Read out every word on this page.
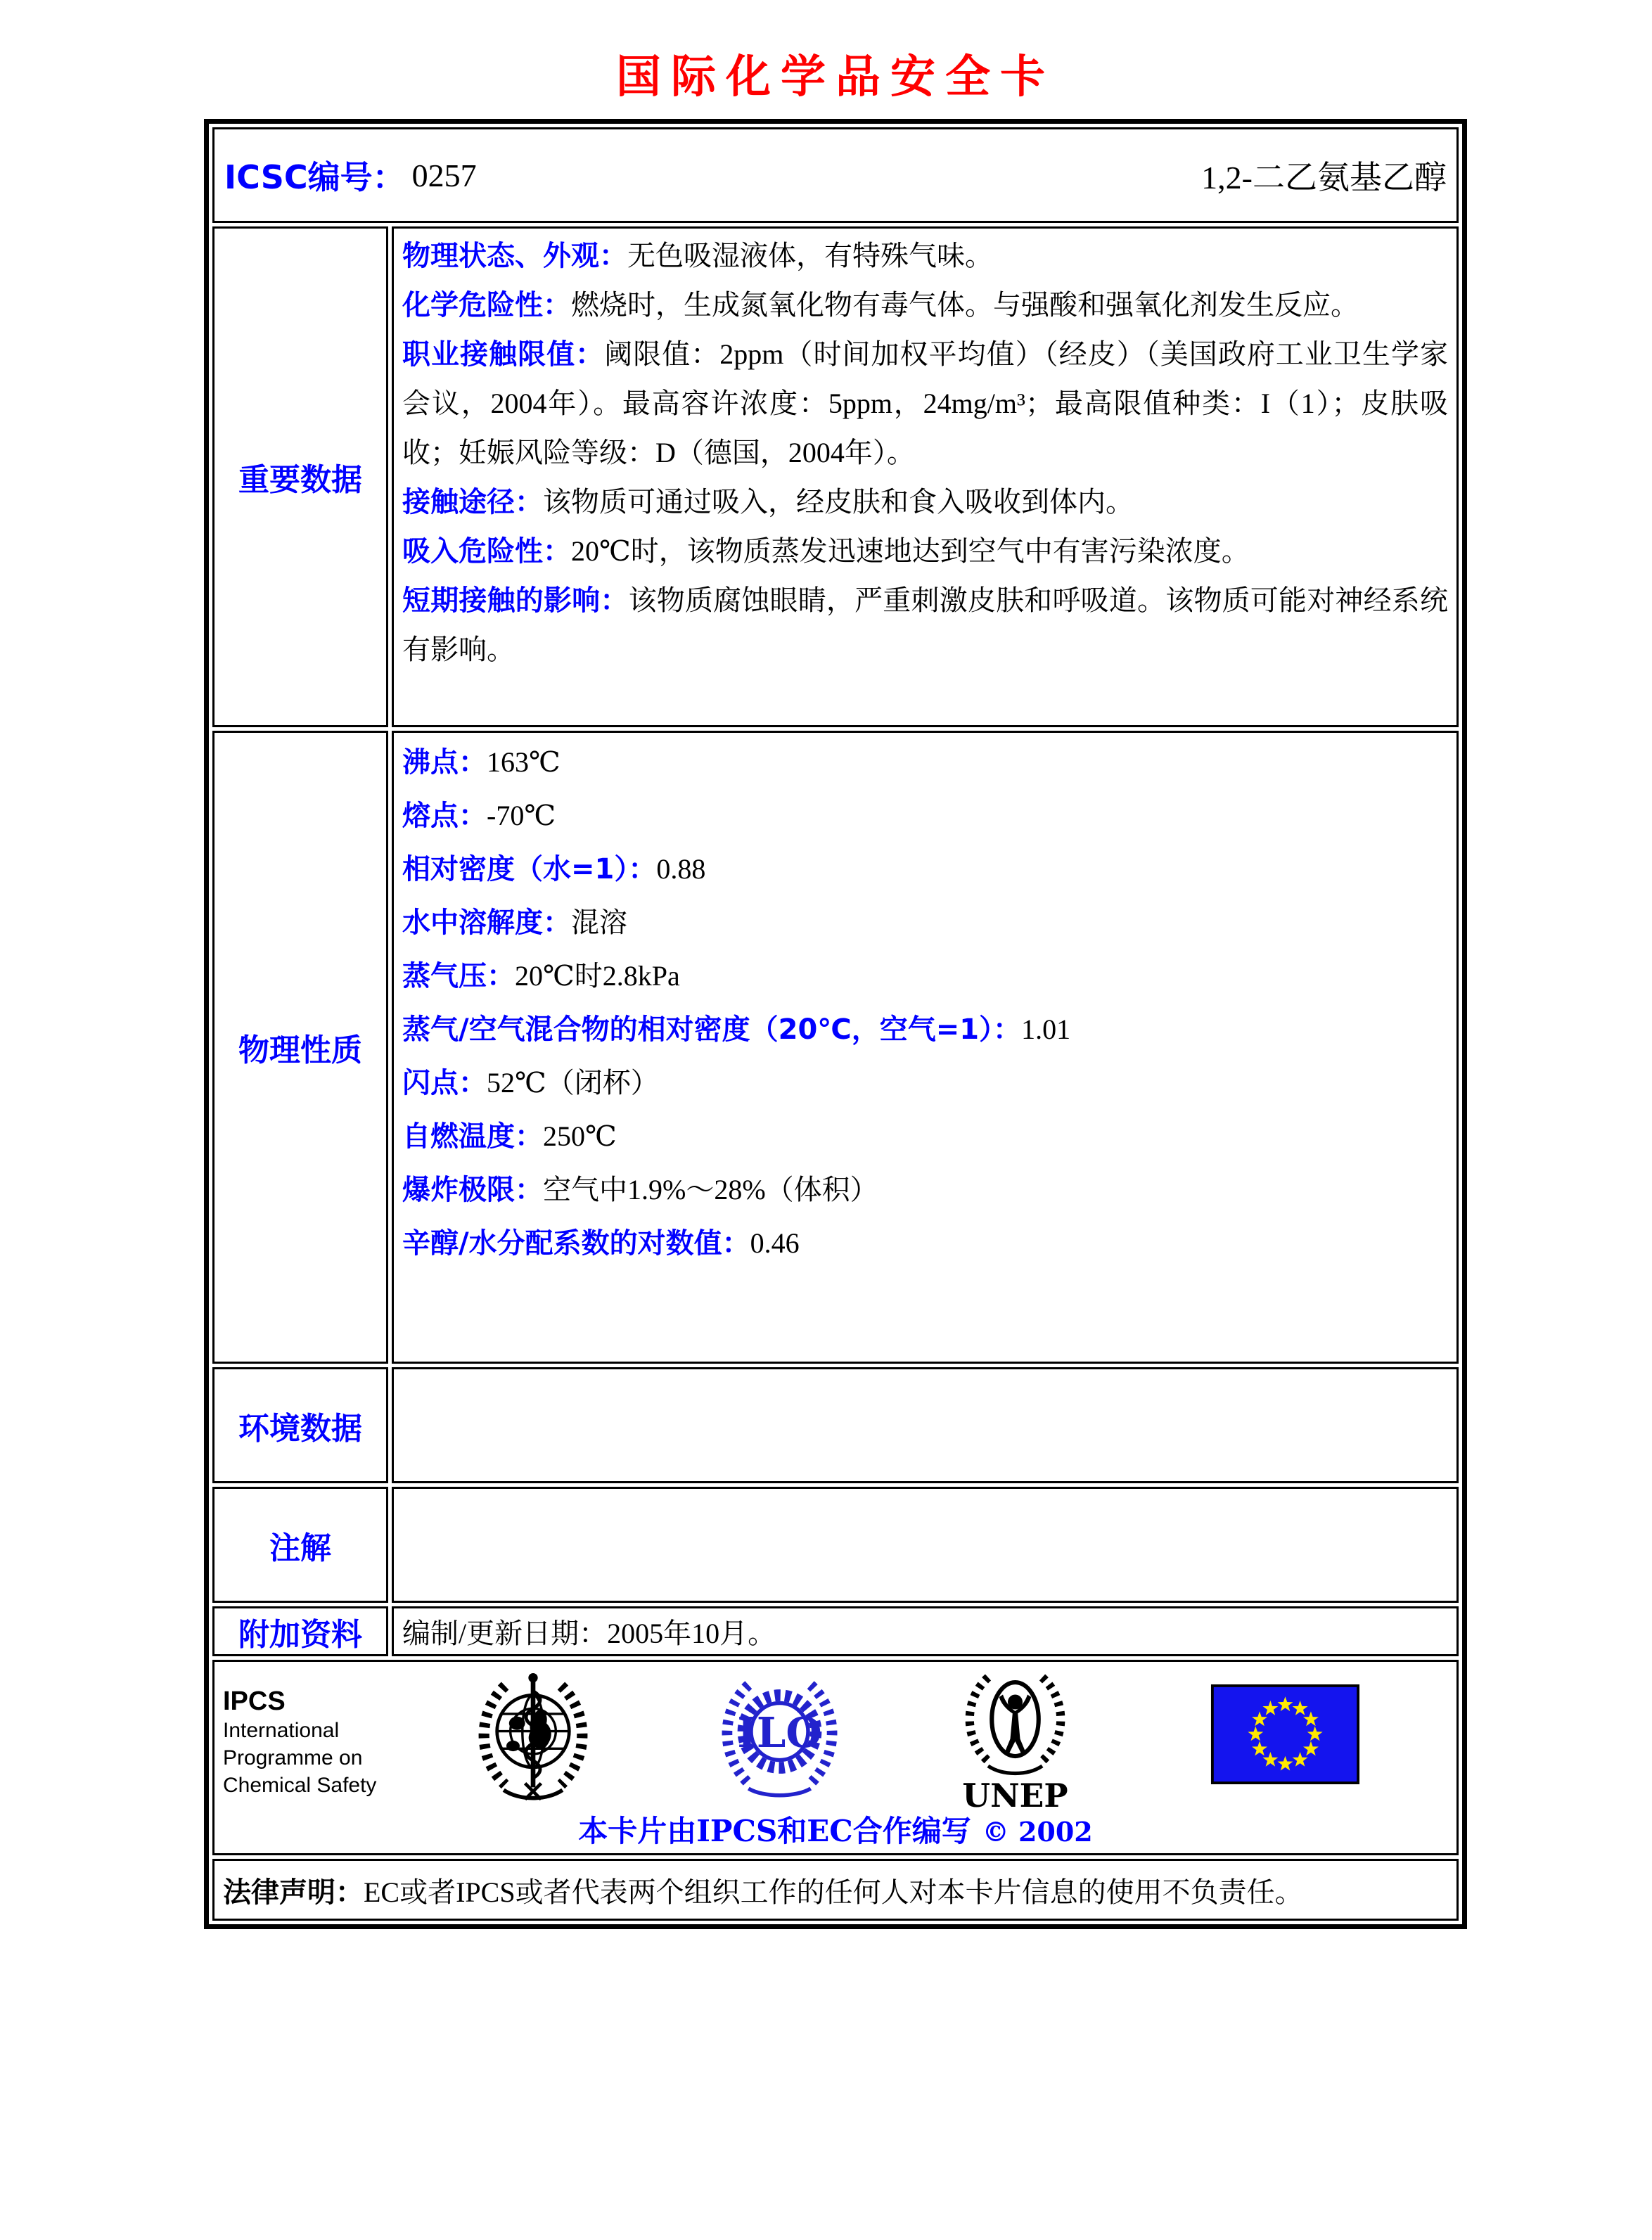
国际化学品安全卡
ICSC编号： 0257	1,2-二乙氨基乙醇
重要数据

物理状态、外观：无色吸湿液体，有特殊气味。

化学危险性：燃烧时，生成氮氧化物有毒气体。与强酸和强氧化剂发生反应。

职业接触限值：阈限值：2ppm（时间加权平均值）（经皮）（美国政府工业卫生学家会议，2004年）。最高容许浓度：5ppm，24mg/m³；最高限值种类：I（1）；皮肤吸收；妊娠风险等级：D（德国，2004年）。

接触途径：该物质可通过吸入，经皮肤和食入吸收到体内。

吸入危险性：20℃时，该物质蒸发迅速地达到空气中有害污染浓度。

短期接触的影响：该物质腐蚀眼睛，严重刺激皮肤和呼吸道。该物质可能对神经系统有影响。

物理性质
沸点：163℃
熔点：-70℃
相对密度（水=1）：0.88
水中溶解度：混溶
蒸气压：20℃时2.8kPa
蒸气/空气混合物的相对密度（20℃，空气=1）：1.01
闪点：52℃（闭杯）
自燃温度：250℃
爆炸极限：空气中1.9%～28%（体积）
辛醇/水分配系数的对数值：0.46
环境数据
注解
附加资料 编制/更新日期：2005年10月。
IPCS
International
Programme on
Chemical Safety
ILO
UNEP
本卡片由IPCS和EC合作编写 © 2002
法律声明： EC或者IPCS或者代表两个组织工作的任何人对本卡片信息的使用不负责任。
